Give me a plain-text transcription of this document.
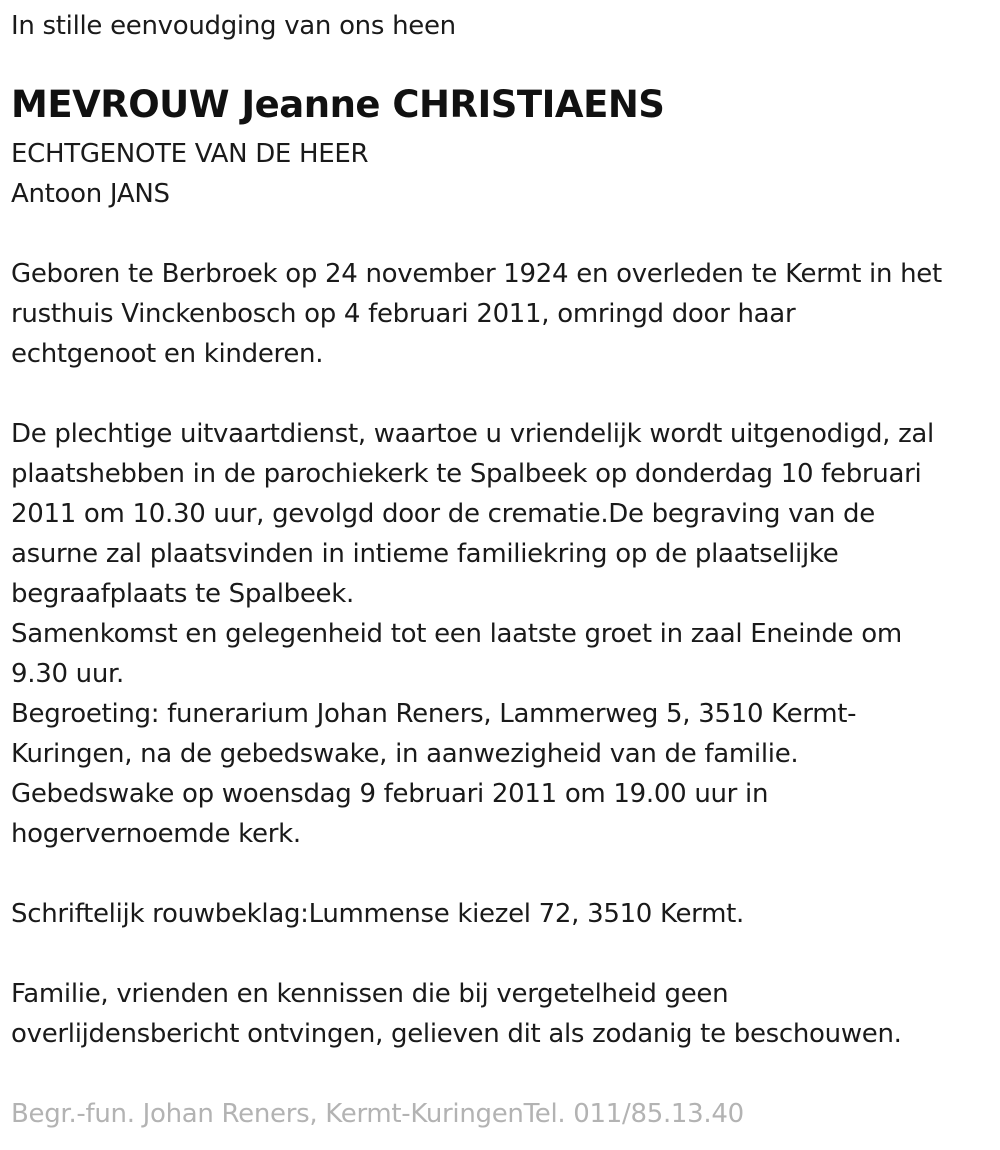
In stille eenvoudging van ons heen
MEVROUW Jeanne CHRISTIAENS
ECHTGENOTE VAN DE HEER
Antoon JANS
Geboren te Berbroek op 24 november 1924 en overleden te Kermt in het
rusthuis Vinckenbosch op 4 februari 2011, omringd door haar
echtgenoot en kinderen.
De plechtige uitvaartdienst, waartoe u vriendelijk wordt uitgenodigd, zal
plaatshebben in de parochiekerk te Spalbeek op donderdag 10 februari
2011 om 10.30 uur, gevolgd door de crematie.De begraving van de
asurne zal plaatsvinden in intieme familiekring op de plaatselijke
begraafplaats te Spalbeek.
Samenkomst en gelegenheid tot een laatste groet in zaal Eneinde om
9.30 uur.
Begroeting: funerarium Johan Reners, Lammerweg 5, 3510 Kermt-
Kuringen, na de gebedswake, in aanwezigheid van de familie.
Gebedswake op woensdag 9 februari 2011 om 19.00 uur in
hogervernoemde kerk.
Schriftelijk rouwbeklag:Lummense kiezel 72, 3510 Kermt.
Familie, vrienden en kennissen die bij vergetelheid geen
overlijdensbericht ontvingen, gelieven dit als zodanig te beschouwen.
Begr.-fun. Johan Reners, Kermt-KuringenTel. 011/85.13.40
